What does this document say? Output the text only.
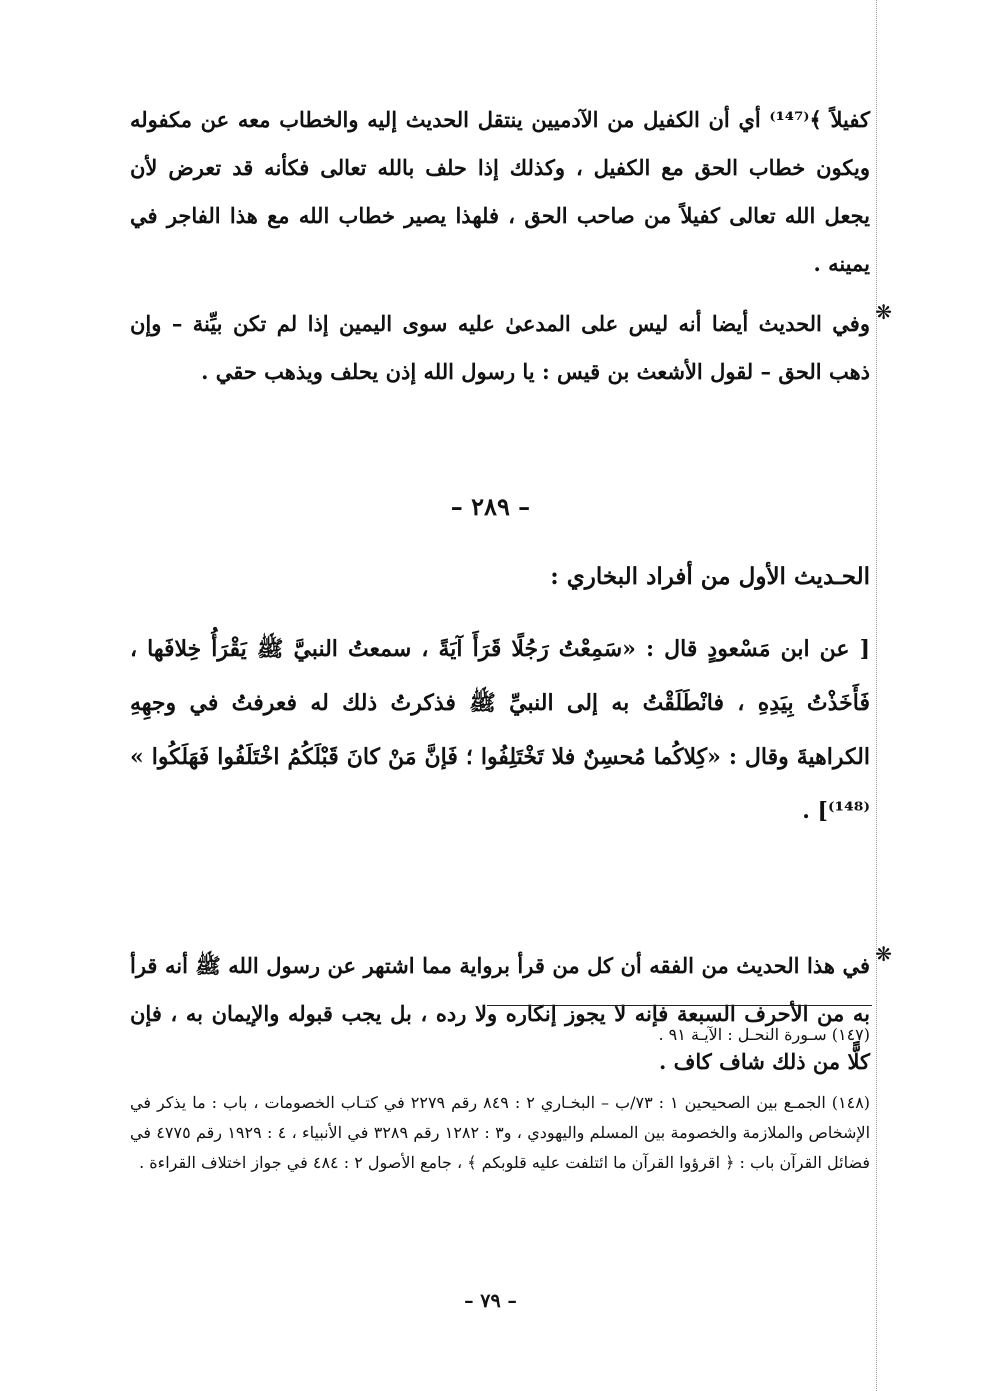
كفيلاً ﴾⁽¹⁴⁷⁾ أي أن الكفيل من الآدميين ينتقل الحديث إليه والخطاب معه عن مكفوله ويكون خطاب الحق مع الكفيل ، وكذلك إذا حلف بالله تعالى فكأنه قد تعرض لأن يجعل الله تعالى كفيلاً من صاحب الحق ، فلهذا يصير خطاب الله مع هذا الفاجر في يمينه .

❋

وفي الحديث أيضا أنه ليس على المدعىٰ عليه سوى اليمين إذا لم تكن بيِّنة – وإن ذهب الحق – لقول الأشعث بن قيس : يا رسول الله إذن يحلف ويذهب حقي .

– ٢٨٩ –
الحـديث الأول من أفراد البخاري :

[ عن ابن مَسْعودٍ قال : «سَمِعْتُ رَجُلًا قَرَأَ آيَةً ، سمعتُ النبيَّ ﷺ يَقْرَأُ خِلافَها ، فَأَخَذْتُ بِيَدِهِ ، فانْطَلَقْتُ به إلى النبيِّ ﷺ فذكرتُ ذلك له فعرفتُ في وجهِهِ الكراهيةَ وقال : «كِلاكُما مُحسِنٌ فلا تَخْتَلِفُوا ؛ فَإنَّ مَنْ كانَ قَبْلَكُمُ اخْتَلَفُوا فَهَلَكُوا » ⁽¹⁴⁸⁾] .

❋

في هذا الحديث من الفقه أن كل من قرأ برواية مما اشتهر عن رسول الله ﷺ أنه قرأ به من الأحرف السبعة فإنه لا يجوز إنكاره ولا رده ، بل يجب قبوله والإيمان به ، فإن كلًّا من ذلك شاف كاف .

(١٤٧) سـورة النحـل : الآيـة ٩١ .

(١٤٨) الجمـع بين الصحيحين ١ : ٧٣/ب – البخـاري ٢ : ٨٤٩ رقم ٢٢٧٩ في كتـاب الخصومات ، باب : ما يذكر في الإشخاص والملازمة والخصومة بين المسلم واليهودي ، و٣ : ١٢٨٢ رقم ٣٢٨٩ في الأنبياء ، ٤ : ١٩٢٩ رقم ٤٧٧٥ في فضائل القرآن باب : ﴿ اقرؤوا القرآن ما ائتلفت عليه قلوبكم ﴾ ، جامع الأصول ٢ : ٤٨٤ في جواز اختلاف القراءة .

– ٧٩ –
